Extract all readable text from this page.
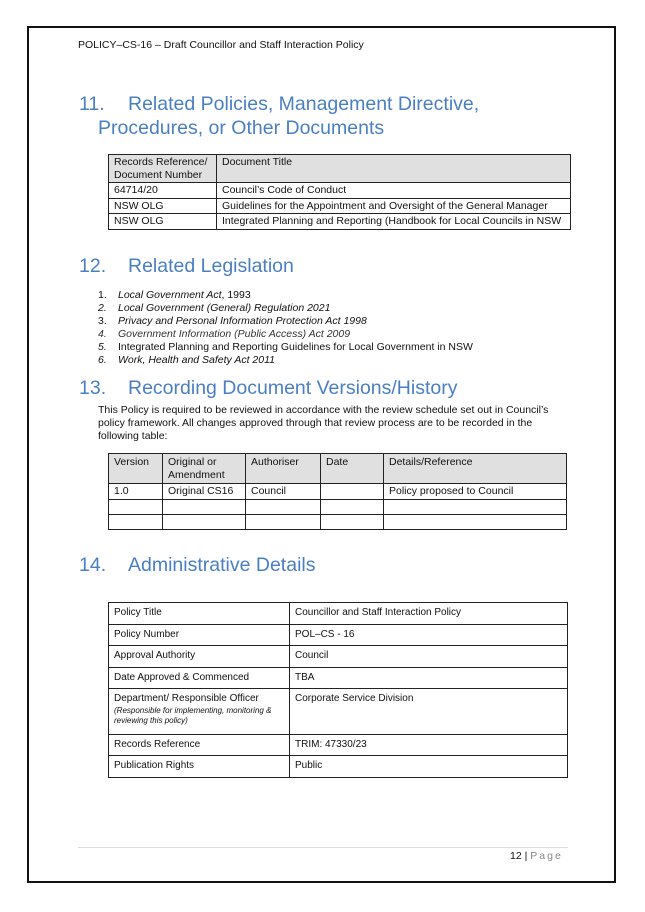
POLICY–CS-16 – Draft Councillor and Staff Interaction Policy
11. Related Policies, Management Directive,
Procedures, or Other Documents
Records Reference/ Document Number	Document Title
64714/20	Council’s Code of Conduct
NSW OLG	Guidelines for the Appointment and Oversight of the General Manager
NSW OLG	Integrated Planning and Reporting (Handbook for Local Councils in NSW
12. Related Legislation
1. Local Government Act, 1993
2. Local Government (General) Regulation 2021
3. Privacy and Personal Information Protection Act 1998
4. Government Information (Public Access) Act 2009
5. Integrated Planning and Reporting Guidelines for Local Government in NSW
6. Work, Health and Safety Act 2011
13. Recording Document Versions/History

This Policy is required to be reviewed in accordance with the review schedule set out in Council’s policy framework. All changes approved through that review process are to be recorded in the following table:

Version	Original or Amendment	Authoriser	Date	Details/Reference
1.0	Original CS16	Council		Policy proposed to Council

14. Administrative Details
Policy Title	Councillor and Staff Interaction Policy
Policy Number	POL–CS - 16
Approval Authority	Council
Date Approved & Commenced	TBA
Department/ Responsible Officer
(Responsible for implementing, monitoring & reviewing this policy)	Corporate Service Division
Records Reference	TRIM: 47330/23
Publication Rights	Public
12 | Page
